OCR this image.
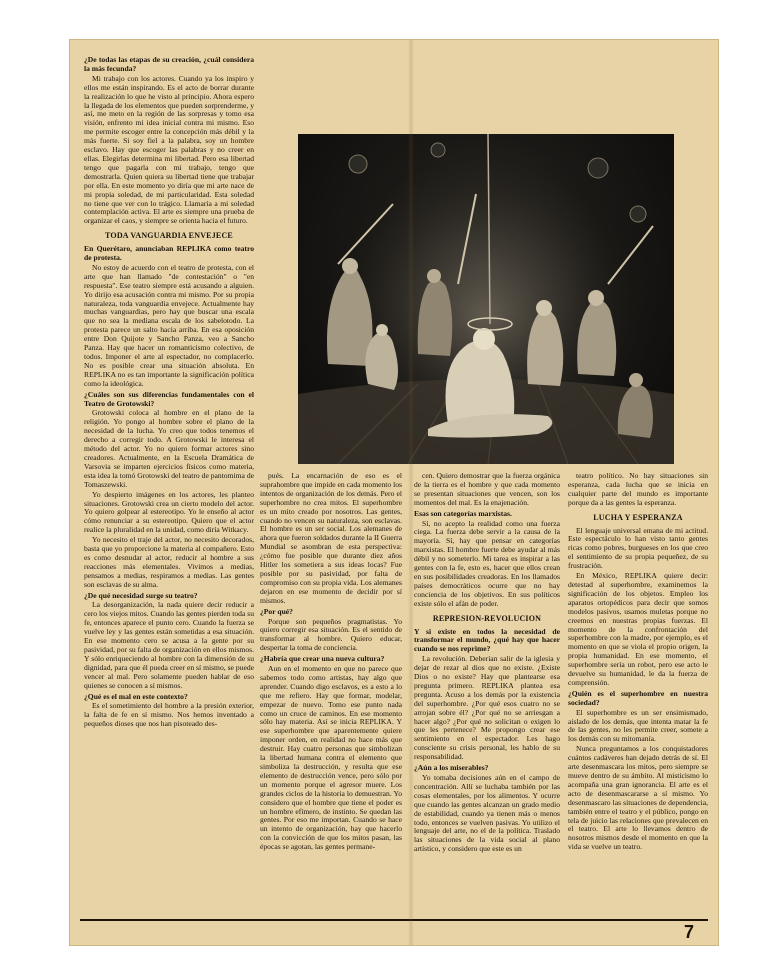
¿De todas las etapas de su creación, ¿cuál considera la más fecunda?

Mi trabajo con los actores. Cuando ya los inspiro y ellos me están inspirando. Es el acto de borrar durante la realización lo que he visto al principio. Ahora espero la llegada de los elementos que pueden sorprenderme, y así, me meto en la región de las sorpresas y tomo esa visión, enfrento mi idea inicial contra mi mismo. Eso me permite escoger entre la concepción más débil y la más fuerte. Si soy fiel a la palabra, soy un hombre esclavo. Hay que escoger las palabras y no creer en ellas. Elegirlas determina mi libertad. Pero esa libertad tengo que pagarla con mi trabajo, tengo que demostrarla. Quien quiera su libertad tiene que trabajar por ella. En este momento yo diría que mi arte nace de mi propia soledad, de mi particularidad. Esta soledad no tiene que ver con lo trágico. Llamaría a mi soledad contemplación activa. El arte es siempre una prueba de organizar el caos, y siempre se orienta hacia el futuro.

TODA VANGUARDIA ENVEJECE

En Querétaro, anunciaban REPLIKA como teatro de protesta.

No estoy de acuerdo con el teatro de protesta, con el arte que han llamado "de contestación" o "en respuesta". Ese teatro siempre está acusando a alguien. Yo dirijo esa acusación contra mi mismo. Por su propia naturaleza, toda vanguardia envejece. Actualmente hay muchas vanguardias, pero hay que buscar una escala que no sea la mediana escala de los sabelotodo. La protesta parece un salto hacia arriba. En esa oposición entre Don Quijote y Sancho Panza, veo a Sancho Panza. Hay que hacer un romanticismo colectivo, de todos. Imponer el arte al espectador, no complacerlo. No es posible crear una situación absoluta. En REPLIKA no es tan importante la significación política como la ideológica.

¿Cuáles son sus diferencias fundamentales con el Teatro de Grotowski?

Grotowski coloca al hombre en el plano de la religión. Yo pongo al hombre sobre el plano de la necesidad de la lucha. Yo creo que todos tenemos el derecho a corregir todo. A Grotowski le interesa el método del actor. Yo no quiero formar actores sino creadores. Actualmente, en la Escuela Dramática de Varsovia se imparten ejercicios físicos como materia, esta idea la tomó Grotowski del teatro de pantomima de Tomaszewski.

Yo despierto imágenes en los actores, les planteo situaciones. Grotowski crea un cierto modelo del actor. Yo quiero golpear al estereotipo. Yo le enseño al actor cómo renunciar a su estereotipo. Quiero que el actor realice la pluralidad en la unidad, como diría Witkacy.

Yo necesito el traje del actor, no necesito decorados, basta que yo proporcione la materia al compañero. Esto es como desnudar al actor, reducir al hombre a sus reacciones más elementales. Vivimos a medias, pensamos a medias, respiramos a medias. Las gentes son esclavas de su alma.

¿De qué necesidad surge su teatro?

La desorganización, la nada quiere decir reducir a cero los viejos mitos. Cuando las gentes pierden toda su fe, entonces aparece el punto cero. Cuando la fuerza se vuelve ley y las gentes están sometidas a esa situación. En ese momento cero se acusa a la gente por su pasividad, por su falta de organización en ellos mismos. Y sólo enriqueciendo al hombre con la dimensión de su dignidad, para que él pueda creer en sí mismo, se puede vencer al mal. Pero solamente pueden hablar de eso quienes se conocen a sí mismos.

¿Qué es el mal en este contexto?

Es el sometimiento del hombre a la presión exterior, la falta de fe en sí mismo. Nos hemos inventado a pequeños dioses que nos han pisoteado des-

pués. La encarnación de eso es el suprahombre que impide en cada momento los intentos de organización de los demás. Pero el superhombre no crea mitos. El superhombre es un mito creado por nosotros. Las gentes, cuando no vencen su naturaleza, son esclavas. El hombre es un ser social. Los alemanes de ahora que fueron soldados durante la II Guerra Mundial se asombran de esta perspectiva: ¿cómo fue posible que durante diez años Hitler los sometiera a sus ideas locas? Fue posible por su pasividad, por falta de compromiso con su propia vida. Los alemanes dejaron en ese momento de decidir por sí mismos.

¿Por qué?

Porque son pequeños pragmatistas. Yo quiero corregir esa situación. Es el sentido de transformar al hombre. Quiero educar, despertar la toma de conciencia.

¿Habría que crear una nueva cultura?

Aun en el momento en que no parece que sabemos todo como artistas, hay algo que aprender. Cuando digo esclavos, es a esto a lo que me refiero. Hay que formar, modelar, empezar de nuevo. Tomo ese punto nada como un cruce de caminos. En ese momento sólo hay materia. Así se inicia REPLIKA. Y ese superhombre que aparentemente quiere imponer orden, en realidad no hace más que destruir. Hay cuatro personas que simbolizan la libertad humana contra el elemento que simboliza la destrucción, y resulta que ese elemento de destrucción vence, pero sólo por un momento porque el agresor muere. Los grandes ciclos de la historia lo demuestran. Yo considero que el hombre que tiene el poder es un hombre efímero, de instinto. Se quedan las gentes. Por eso me importan. Cuando se hace un intento de organización, hay que hacerlo con la convicción de que los mitos pasan, las épocas se agotan, las gentes permane-

cen. Quiero demostrar que la fuerza orgánica de la tierra es el hombre y que cada momento se presentan situaciones que vencen, son los momentos del mal. Es la enajenación.

Esas son categorías marxistas.

Sí, no acepto la realidad como una fuerza ciega. La fuerza debe servir a la causa de la mayoría. Sí, hay que pensar en categorías marxistas. El hombre fuerte debe ayudar al más débil y no someterlo. Mi tarea es inspirar a las gentes con la fe, esto es, hacer que ellos crean en sus posibilidades creadoras. En los llamados países democráticos ocurre que no hay conciencia de los objetivos. En sus políticos existe sólo el afán de poder.

REPRESION-REVOLUCION

Y si existe en todos la necesidad de transformar el mundo, ¿qué hay que hacer cuando se nos reprime?

La revolución. Deberían salir de la iglesia y dejar de rezar al dios que no existe. ¿Existe Dios o no existe? Hay que plantearse esa pregunta primero. REPLIKA plantea esa pregunta. Acuso a los demás por la existencia del superhombre. ¿Por qué esos cuatro no se arrojan sobre él? ¿Por qué no se arriesgan a hacer algo? ¿Por qué no solicitan o exigen lo que les pertenece? Me propongo crear ese sentimiento en el espectador. Les hago consciente su crisis personal, les hablo de su responsabilidad.

¿Aún a los miserables?

Yo tomaba decisiones aún en el campo de concentración. Allí se luchaba también por las cosas elementales, por los alimentos. Y ocurre que cuando las gentes alcanzan un grado medio de estabilidad, cuando ya tienen más o menos todo, entonces se vuelven pasivas. Yo utilizo el lenguaje del arte, no el de la política. Traslado las situaciones de la vida social al plano artístico, y considero que este es un

teatro político. No hay situaciones sin esperanza, cada lucha que se inicia en cualquier parte del mundo es importante porque da a las gentes la esperanza.

LUCHA Y ESPERANZA

El lenguaje universal emana de mi actitud. Este espectáculo lo han visto tanto gentes ricas como pobres, burgueses en los que creo el sentimiento de su propia pequeñez, de su frustración.

En México, REPLIKA quiere decir: detestad al superhombre, examinemos la significación de los objetos. Empleo los aparatos ortopédicos para decir que somos modelos pasivos, usamos muletas porque no creemos en nuestras propias fuerzas. El momento de la confrontación del superhombre con la madre, por ejemplo, es el momento en que se viola el propio origen, la propia humanidad. En ese momento, el superhombre sería un robot, pero ese acto le devuelve su humanidad, le da la fuerza de comprensión.

¿Quién es el superhombre en nuestra sociedad?

El superhombre es un ser ensimismado, aislado de los demás, que intenta matar la fe de las gentes, no les permite creer, somete a los demás con su mitomanía.

Nunca preguntamos a los conquistadores cuántos cadáveres han dejado detrás de sí. El arte desenmascara los mitos, pero siempre se mueve dentro de su ámbito. Al misticismo lo acompaña una gran ignorancia. El arte es el acto de desenmascararse a sí mismo. Yo desenmascaro las situaciones de dependencia, también entre el teatro y el público, pongo en tela de juicio las relaciones que prevalecen en el teatro. El arte lo llevamos dentro de nosotros mismos desde el momento en que la vida se vuelve un teatro.

7
